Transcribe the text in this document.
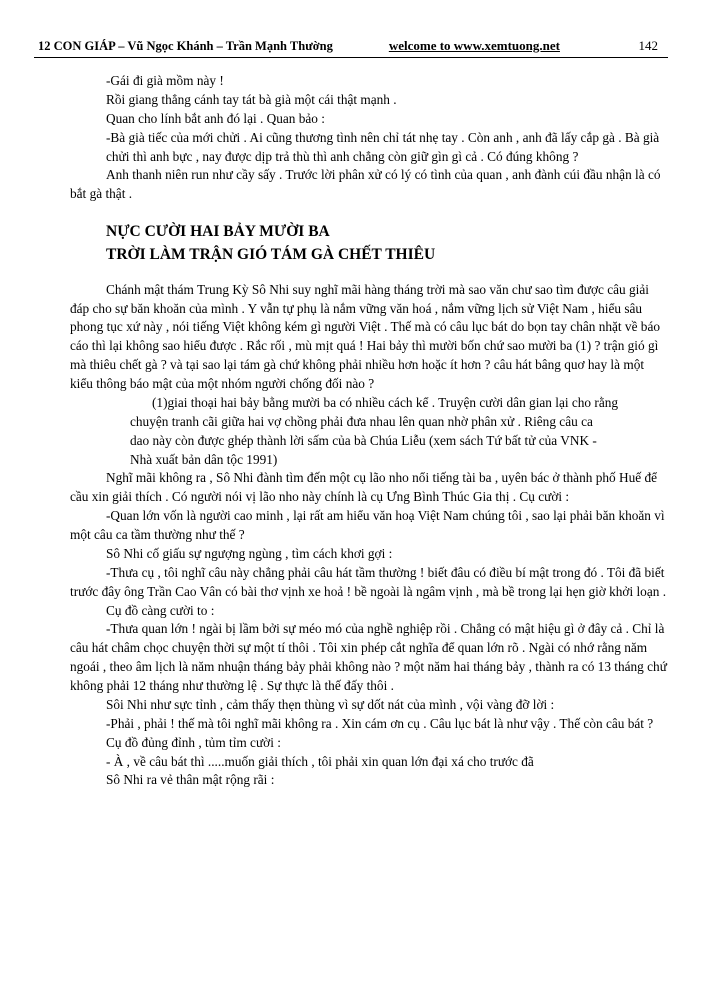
12 CON GIÁP – Vũ Ngọc Khánh – Trần Mạnh Thường	welcome to www.xemtuong.net	142

-Gái đi già mồm này !

Rồi giang thẳng cánh tay tát bà già một cái thật mạnh .

Quan cho lính bắt anh đó lại . Quan bảo :

-Bà già tiếc của mới chửi . Ai cũng thương tình nên chỉ tát nhẹ tay . Còn anh , anh đã lấy cắp gà . Bà già chửi thì anh bực , nay được dịp trả thù thì anh chẳng còn giữ gìn gì cả . Có đúng không ?

Anh thanh niên run như cầy sấy . Trước lời phân xử có lý có tình của quan , anh đành cúi đầu nhận là có bắt gà thật .

NỰC CƯỜI HAI BẢY MƯỜI BA
TRỜI LÀM TRẬN GIÓ TÁM GÀ CHẾT THIÊU

Chánh mật thám Trung Kỳ Sô Nhi suy nghĩ mãi hàng tháng trời mà sao văn chư sao tìm được câu giải đáp cho sự băn khoăn của mình . Y vẫn tự phụ là nắm vững văn hoá , nắm vững lịch sử Việt Nam , hiểu sâu phong tục xứ này , nói tiếng Việt không kém gì người Việt . Thế mà có câu lục bát do bọn tay chân nhặt về báo cáo thì lại không sao hiểu được . Rắc rối , mù mịt quá ! Hai bảy thì mười bốn chứ sao mười ba (1) ? trận gió gì mà thiêu chết gà ? và tại sao lại tám gà chứ không phải nhiều hơn hoặc ít hơn ? câu hát bâng quơ hay là một kiểu thông báo mật của một nhóm người chống đối nào ?

(1)giai thoại hai bảy bằng mười ba có nhiều cách kể . Truyện cười dân gian lại cho rằng

chuyện tranh cãi giữa hai vợ chồng phải đưa nhau lên quan nhờ phân xử . Riêng câu ca

dao này còn được ghép thành lời sấm của bà Chúa Liễu (xem sách Tứ bất tử của VNK -

Nhà xuất bản dân tộc 1991)

Nghĩ mãi không ra , Sô Nhi đành tìm đến một cụ lão nho nổi tiếng tài ba , uyên bác ở thành phố Huế để cầu xin giải thích . Có người nói vị lão nho này chính là cụ Ưng Bình Thúc Gia thị . Cụ cười :

-Quan lớn vốn là người cao minh , lại rất am hiểu văn hoạ Việt Nam chúng tôi , sao lại phải băn khoăn vì một câu ca tầm thường như thế ?

Sô Nhi cố giấu sự ngượng ngùng , tìm cách khơi gợi :

-Thưa cụ , tôi nghĩ câu này chẳng phải câu hát tầm thường ! biết đâu có điều bí mật trong đó . Tôi đã biết trước đây ông Trần Cao Vân có bài thơ vịnh xe hoả ! bề ngoài là ngâm vịnh , mà bề trong lại hẹn giờ khởi loạn .

Cụ đồ càng cười to :

-Thưa quan lớn ! ngài bị lầm bởi sự méo mó của nghề nghiệp rồi . Chẳng có mật hiệu gì ở đây cả . Chỉ là câu hát châm chọc chuyện thời sự một tí thôi . Tôi xin phép cắt nghĩa để quan lớn rõ . Ngài có nhớ rằng năm ngoái , theo âm lịch là năm nhuận tháng bảy phải không nào ? một năm hai tháng bảy , thành ra có 13 tháng chứ không phải 12 tháng như thường lệ . Sự thực là thế đấy thôi .

Sôi Nhi như sực tỉnh , cảm thấy thẹn thùng vì sự dốt nát của mình , vội vàng đỡ lời :

-Phải , phải ! thế mà tôi nghĩ mãi không ra . Xin cám ơn cụ . Câu lục bát là như vậy . Thế còn câu bát ?

Cụ đồ đủng đỉnh , tủm tỉm cười :

- À , về câu bát thì .....muốn giải thích , tôi phải xin quan lớn đại xá cho trước đã

Sô Nhi ra vẻ thân mật rộng rãi :
